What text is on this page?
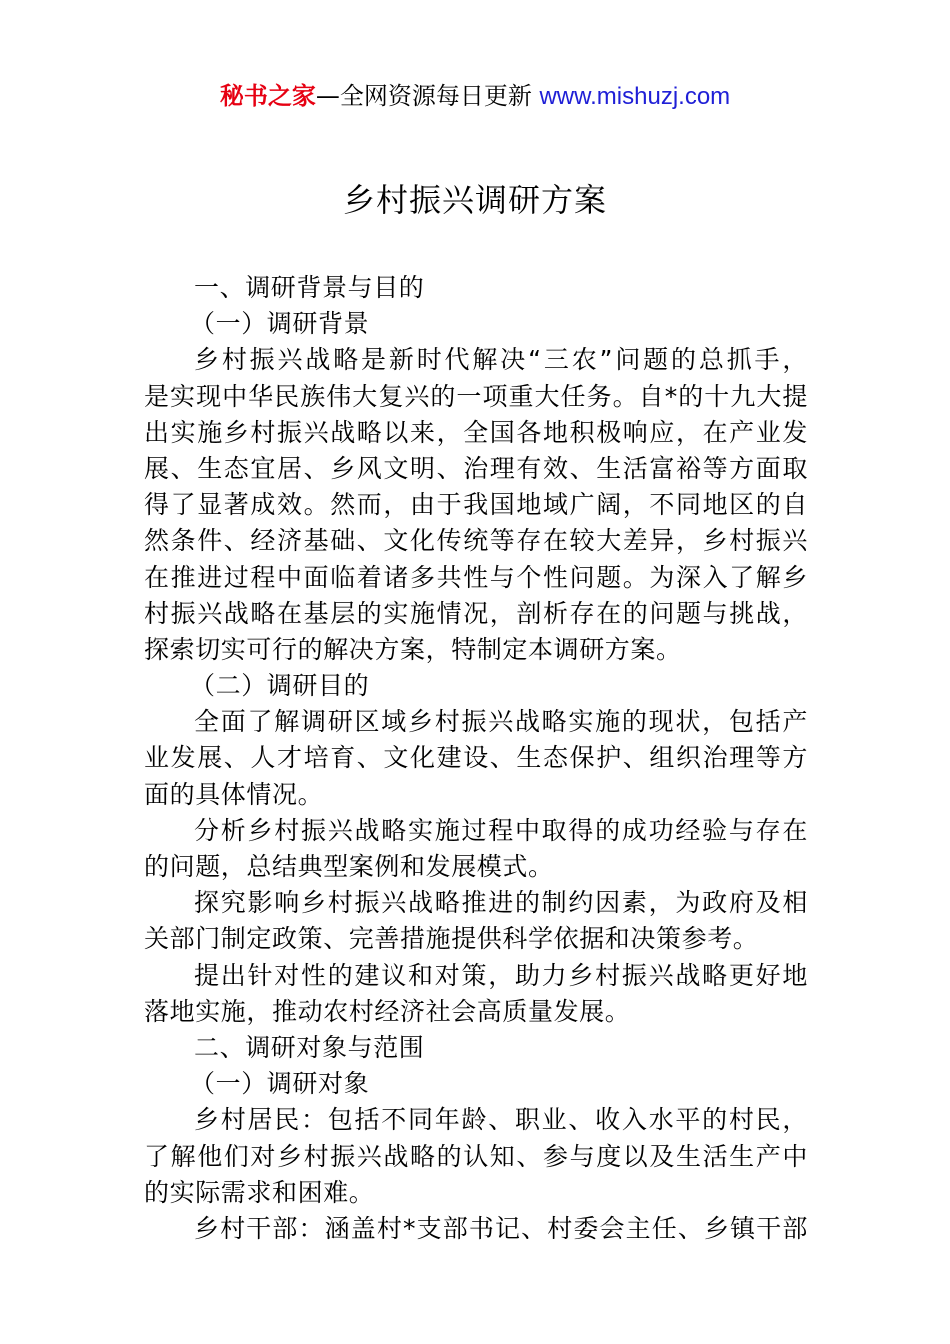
秘书之家—全网资源每日更新 www.mishuzj.com
乡村振兴调研方案
一、调研背景与目的
（一）调研背景
乡村振兴战略是新时代解决“三农”问题的总抓手，
是实现中华民族伟大复兴的一项重大任务。自*的十九大提
出实施乡村振兴战略以来，全国各地积极响应，在产业发
展、生态宜居、乡风文明、治理有效、生活富裕等方面取
得了显著成效。然而，由于我国地域广阔，不同地区的自
然条件、经济基础、文化传统等存在较大差异，乡村振兴
在推进过程中面临着诸多共性与个性问题。为深入了解乡
村振兴战略在基层的实施情况，剖析存在的问题与挑战，
探索切实可行的解决方案，特制定本调研方案。
（二）调研目的
全面了解调研区域乡村振兴战略实施的现状，包括产
业发展、人才培育、文化建设、生态保护、组织治理等方
面的具体情况。
分析乡村振兴战略实施过程中取得的成功经验与存在
的问题，总结典型案例和发展模式。
探究影响乡村振兴战略推进的制约因素，为政府及相
关部门制定政策、完善措施提供科学依据和决策参考。
提出针对性的建议和对策，助力乡村振兴战略更好地
落地实施，推动农村经济社会高质量发展。
二、调研对象与范围
（一）调研对象
乡村居民：包括不同年龄、职业、收入水平的村民，
了解他们对乡村振兴战略的认知、参与度以及生活生产中
的实际需求和困难。
乡村干部：涵盖村*支部书记、村委会主任、乡镇干部
